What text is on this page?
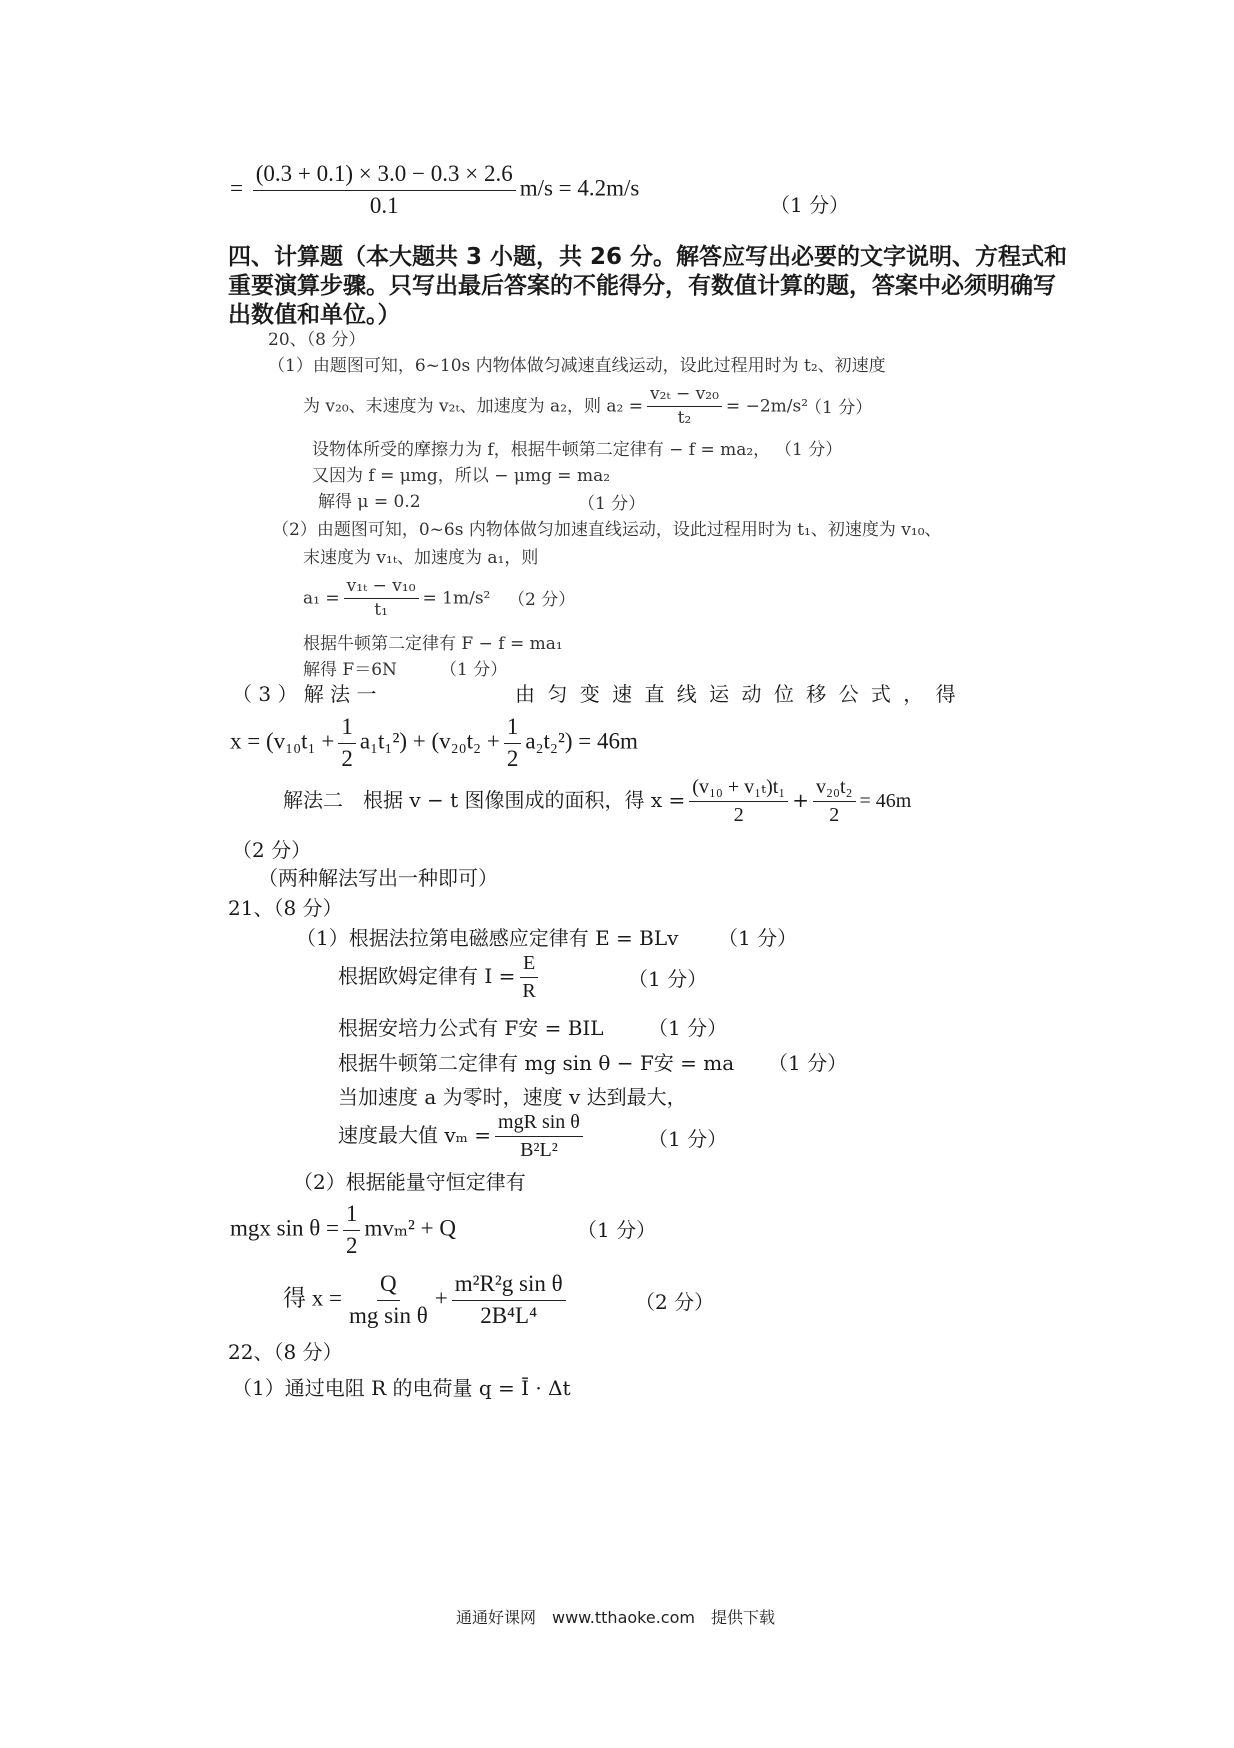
= $\frac{(0.3 + 0.1) \times 3.0 - 0.3 \times 2.6}{0.1} m/s = 4.2m/s$
（1 分）
四、计算题（本大题共 3 小题，共 26 分。解答应写出必要的文字说明、方程式和
重要演算步骤。只写出最后答案的不能得分，有数值计算的题，答案中必须明确写
出数值和单位。）
20、（8 分）
（1）由题图可知，6~10s 内物体做匀减速直线运动，设此过程用时为 t₂、初速度
为 v₂₀、末速度为 v₂ₜ、加速度为 a₂，则 $a_2 = \frac{\text{v₂ₜ − v₂₀}}{\text{t₂}} = -2m/s^2$
（1 分）
设物体所受的摩擦力为 f，根据牛顿第二定律有 − f = ma₂， （1 分）
又因为 f = μmg，所以 − μmg = ma₂
解得 μ = 0.2	（1 分）
（2）由题图可知，0~6s 内物体做匀加速直线运动，设此过程用时为 t₁、初速度为 v₁₀、
末速度为 v₁ₜ、加速度为 a₁，则
$a_1 = \frac{\text{v₁ₜ − v₁₀}}{\text{t₁}} = 1m/s^2$ （2 分）
根据牛顿第二定律有 F − f = ma₁
解得 F＝6N	（1 分）
（ 3 ） 解 法 一	由 匀 变 速 直 线 运 动 位 移 公 式 ， 得
$x = (v_{10}t_1 + \frac{1}{2} a_1t_1^2) + (v_{20}t_2 + \frac{1}{2} a_2t_2^2) = 46m$
解法二　根据 v − t 图像围成的面积，得 $x = \frac{\text{(v₁₀ + v₁ₜ)t₁}}{2} + \frac{\text{v₂₀t₂}}{2} = 46m$
（2 分）
（两种解法写出一种即可）
21、（8 分）
（1）根据法拉第电磁感应定律有 E = BLv （1 分）
根据欧姆定律有 $I = \frac{E}{R}$	（1 分）
根据安培力公式有 F安 = BIL （1 分）
根据牛顿第二定律有 mg sin θ − F安 = ma （1 分）
当加速度 a 为零时，速度 v 达到最大，
速度最大值 $v_m = \frac{\text{mgR sin θ}}{\text{B²L²}}$	（1 分）
（2）根据能量守恒定律有
mgx $\sin \theta = \frac{1}{2} mv_m^2 + Q$	（1 分）
得 $x = \frac{Q}{\text{mg sin θ}} + \frac{\text{m²R²g sin θ}}{\text{2B⁴L⁴}}$	（2 分）
22、（8 分）
（1）通过电阻 R 的电荷量 q = Ī · Δt
通通好课网　www.tthaoke.com　提供下载
